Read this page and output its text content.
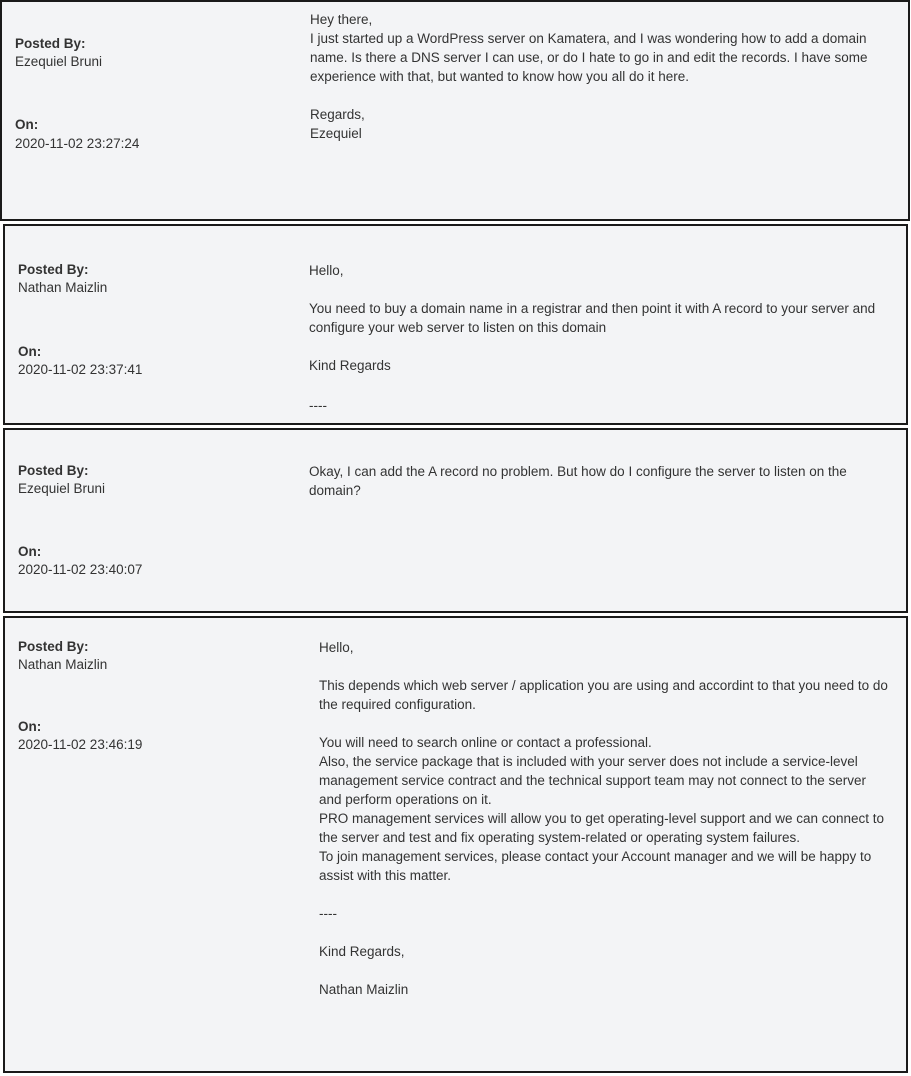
Posted By:
Ezequiel Bruni
On:
2020-11-02 23:27:24

Hey there,

I just started up a WordPress server on Kamatera, and I was wondering how to add a domain name. Is there a DNS server I can use, or do I hate to go in and edit the records. I have some experience with that, but wanted to know how you all do it here.

Regards,

Ezequiel

Posted By:
Nathan Maizlin
On:
2020-11-02 23:37:41

Hello,

You need to buy a domain name in a registrar and then point it with A record to your server and configure your web server to listen on this domain

Kind Regards

----

Posted By:
Ezequiel Bruni
On:
2020-11-02 23:40:07

Okay, I can add the A record no problem. But how do I configure the server to listen on the domain?

Posted By:
Nathan Maizlin
On:
2020-11-02 23:46:19

Hello,

This depends which web server / application you are using and accordint to that you need to do the required configuration.

You will need to search online or contact a professional.

Also, the service package that is included with your server does not include a service-level management service contract and the technical support team may not connect to the server and perform operations on it.

PRO management services will allow you to get operating-level support and we can connect to the server and test and fix operating system-related or operating system failures.

To join management services, please contact your Account manager and we will be happy to assist with this matter.

----

Kind Regards,

Nathan Maizlin
